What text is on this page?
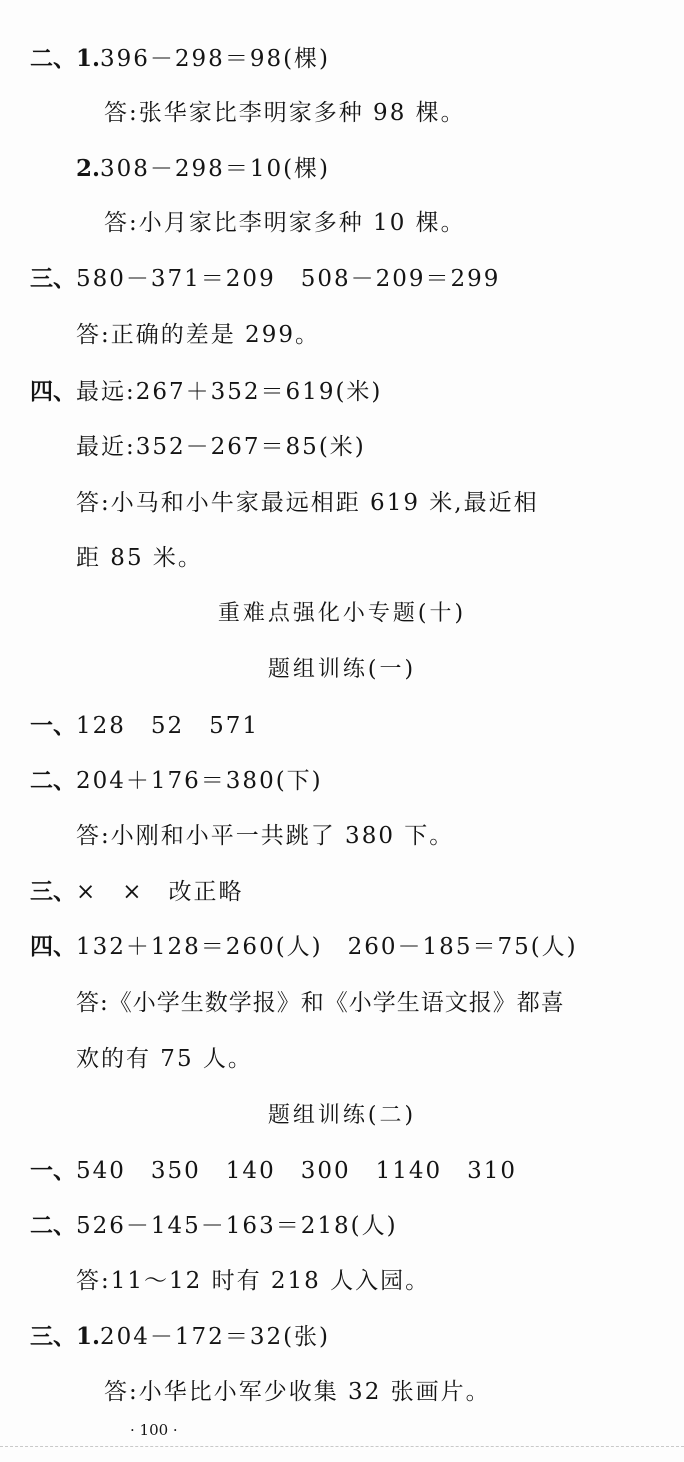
二、1.396－298＝98(棵)
答:张华家比李明家多种 98 棵。
2.308－298＝10(棵)
答:小月家比李明家多种 10 棵。
三、580－371＝209　508－209＝299
答:正确的差是 299。
四、最远:267＋352＝619(米)
最近:352－267＝85(米)
答:小马和小牛家最远相距 619 米,最近相
距 85 米。
重难点强化小专题(十)
题组训练(一)
一、128　52　571
二、204＋176＝380(下)
答:小刚和小平一共跳了 380 下。
三、×　×　改正略
四、132＋128＝260(人)　260－185＝75(人)
答:《小学生数学报》和《小学生语文报》都喜
欢的有 75 人。
题组训练(二)
一、540　350　140　300　1140　310
二、526－145－163＝218(人)
答:11～12 时有 218 人入园。
三、1.204－172＝32(张)
答:小华比小军少收集 32 张画片。
· 100 ·
